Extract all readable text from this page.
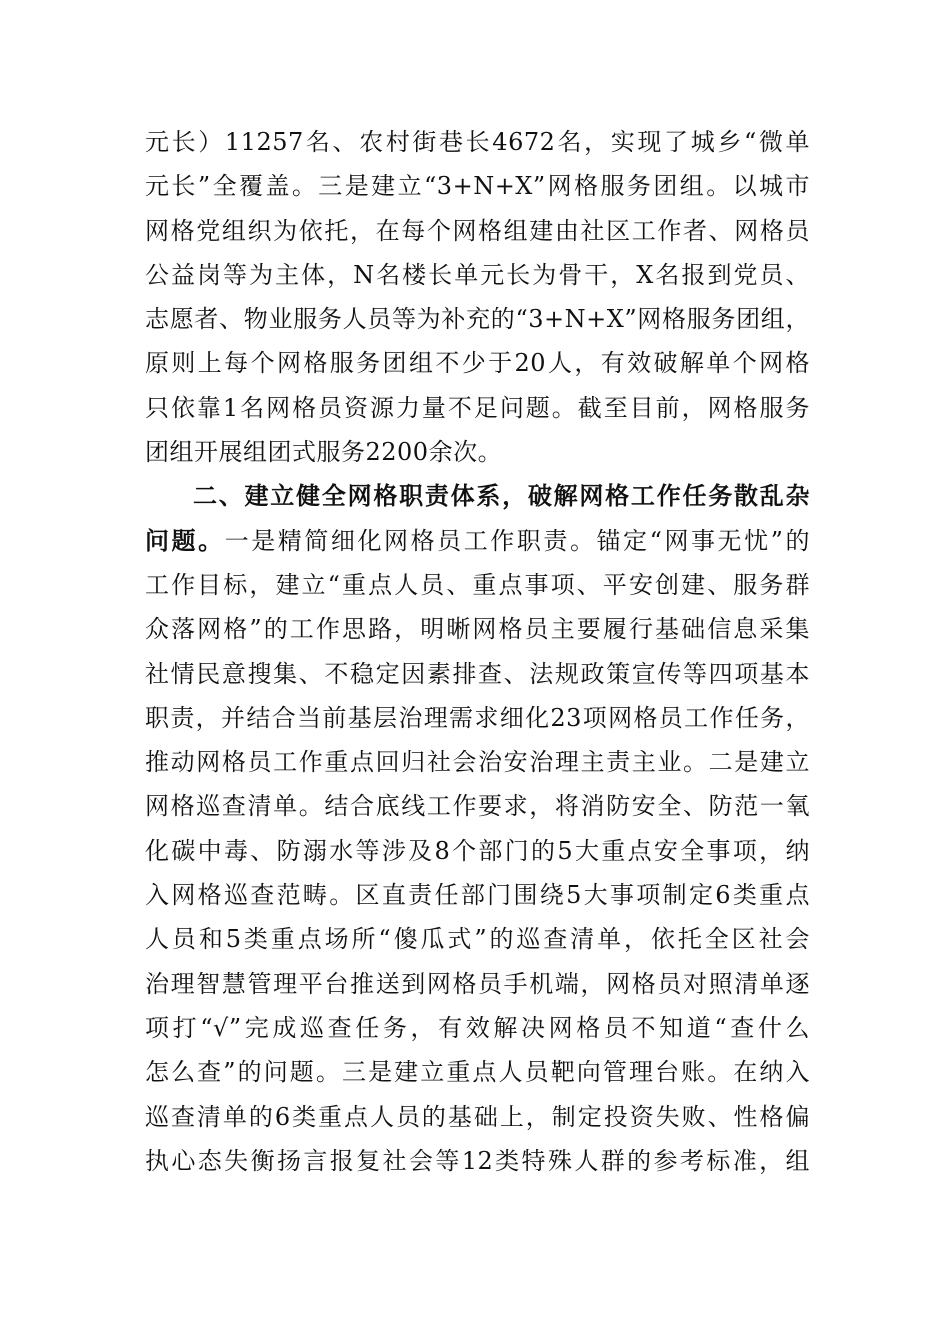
元长）11257名、农村街巷长4672名，实现了城乡“微单
元长”全覆盖。三是建立“3+N+X”网格服务团组。以城市
网格党组织为依托，在每个网格组建由社区工作者、网格员
公益岗等为主体，N名楼长单元长为骨干，X名报到党员、
志愿者、物业服务人员等为补充的“3+N+X”网格服务团组，
原则上每个网格服务团组不少于20人，有效破解单个网格
只依靠1名网格员资源力量不足问题。截至目前，网格服务
团组开展组团式服务2200余次。
二、建立健全网格职责体系，破解网格工作任务散乱杂
问题。一是精简细化网格员工作职责。锚定“网事无忧”的
工作目标，建立“重点人员、重点事项、平安创建、服务群
众落网格”的工作思路，明晰网格员主要履行基础信息采集
社情民意搜集、不稳定因素排查、法规政策宣传等四项基本
职责，并结合当前基层治理需求细化23项网格员工作任务，
推动网格员工作重点回归社会治安治理主责主业。二是建立
网格巡查清单。结合底线工作要求，将消防安全、防范一氧
化碳中毒、防溺水等涉及8个部门的5大重点安全事项，纳
入网格巡查范畴。区直责任部门围绕5大事项制定6类重点
人员和5类重点场所“傻瓜式”的巡查清单，依托全区社会
治理智慧管理平台推送到网格员手机端，网格员对照清单逐
项打“√”完成巡查任务，有效解决网格员不知道“查什么
怎么查”的问题。三是建立重点人员靶向管理台账。在纳入
巡查清单的6类重点人员的基础上，制定投资失败、性格偏
执心态失衡扬言报复社会等12类特殊人群的参考标准，组
